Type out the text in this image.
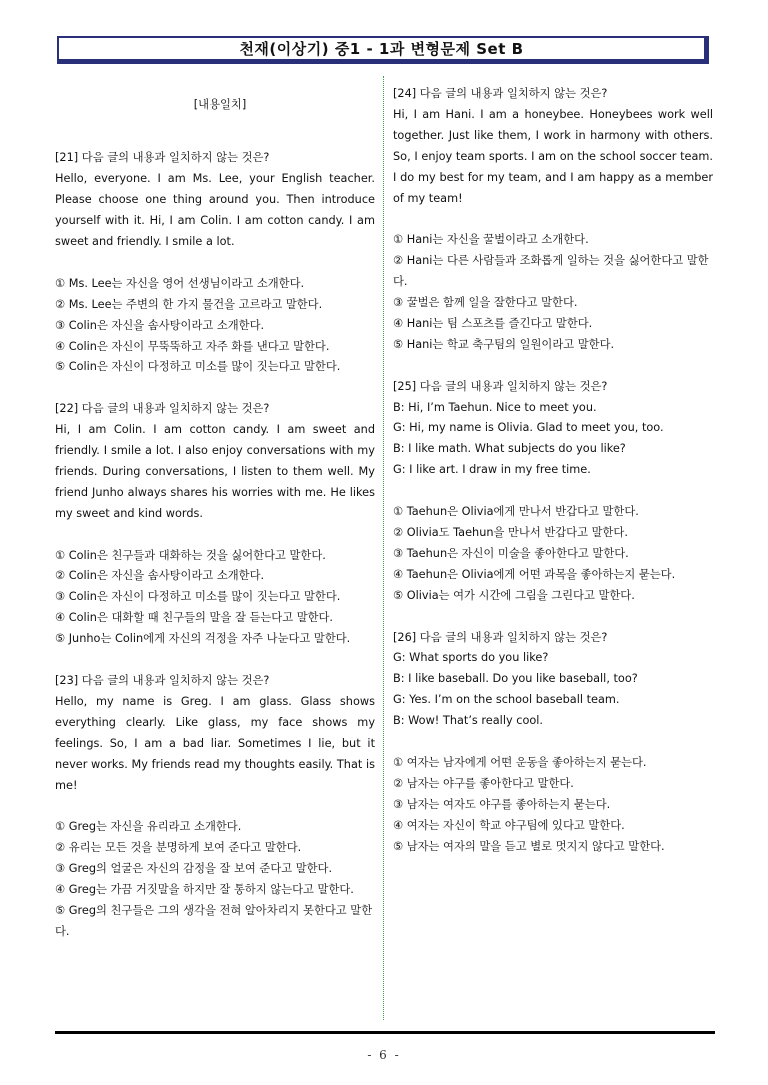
천재(이상기) 중1 - 1과 변형문제 Set B

[내용일치]

[21] 다음 글의 내용과 일치하지 않는 것은?

Hello, everyone. I am Ms. Lee, your English teacher. Please choose one thing around you. Then introduce yourself with it. Hi, I am Colin. I am cotton candy. I am sweet and friendly. I smile a lot.

① Ms. Lee는 자신을 영어 선생님이라고 소개한다.

② Ms. Lee는 주변의 한 가지 물건을 고르라고 말한다.

③ Colin은 자신을 솜사탕이라고 소개한다.

④ Colin은 자신이 무뚝뚝하고 자주 화를 낸다고 말한다.

⑤ Colin은 자신이 다정하고 미소를 많이 짓는다고 말한다.

[22] 다음 글의 내용과 일치하지 않는 것은?

Hi, I am Colin. I am cotton candy. I am sweet and friendly. I smile a lot. I also enjoy conversations with my friends. During conversations, I listen to them well. My friend Junho always shares his worries with me. He likes my sweet and kind words.

① Colin은 친구들과 대화하는 것을 싫어한다고 말한다.

② Colin은 자신을 솜사탕이라고 소개한다.

③ Colin은 자신이 다정하고 미소를 많이 짓는다고 말한다.

④ Colin은 대화할 때 친구들의 말을 잘 듣는다고 말한다.

⑤ Junho는 Colin에게 자신의 걱정을 자주 나눈다고 말한다.

[23] 다음 글의 내용과 일치하지 않는 것은?

Hello, my name is Greg. I am glass. Glass shows everything clearly. Like glass, my face shows my feelings. So, I am a bad liar. Sometimes I lie, but it never works. My friends read my thoughts easily. That is me!

① Greg는 자신을 유리라고 소개한다.

② 유리는 모든 것을 분명하게 보여 준다고 말한다.

③ Greg의 얼굴은 자신의 감정을 잘 보여 준다고 말한다.

④ Greg는 가끔 거짓말을 하지만 잘 통하지 않는다고 말한다.

⑤ Greg의 친구들은 그의 생각을 전혀 알아차리지 못한다고 말한다.

[24] 다음 글의 내용과 일치하지 않는 것은?

Hi, I am Hani. I am a honeybee. Honeybees work well together. Just like them, I work in harmony with others. So, I enjoy team sports. I am on the school soccer team. I do my best for my team, and I am happy as a member of my team!

① Hani는 자신을 꿀벌이라고 소개한다.

② Hani는 다른 사람들과 조화롭게 일하는 것을 싫어한다고 말한다.

③ 꿀벌은 함께 일을 잘한다고 말한다.

④ Hani는 팀 스포츠를 즐긴다고 말한다.

⑤ Hani는 학교 축구팀의 일원이라고 말한다.

[25] 다음 글의 내용과 일치하지 않는 것은?

B: Hi, I’m Taehun. Nice to meet you.

G: Hi, my name is Olivia. Glad to meet you, too.

B: I like math. What subjects do you like?

G: I like art. I draw in my free time.

① Taehun은 Olivia에게 만나서 반갑다고 말한다.

② Olivia도 Taehun을 만나서 반갑다고 말한다.

③ Taehun은 자신이 미술을 좋아한다고 말한다.

④ Taehun은 Olivia에게 어떤 과목을 좋아하는지 묻는다.

⑤ Olivia는 여가 시간에 그림을 그린다고 말한다.

[26] 다음 글의 내용과 일치하지 않는 것은?

G: What sports do you like?

B: I like baseball. Do you like baseball, too?

G: Yes. I’m on the school baseball team.

B: Wow! That’s really cool.

① 여자는 남자에게 어떤 운동을 좋아하는지 묻는다.

② 남자는 야구를 좋아한다고 말한다.

③ 남자는 여자도 야구를 좋아하는지 묻는다.

④ 여자는 자신이 학교 야구팀에 있다고 말한다.

⑤ 남자는 여자의 말을 듣고 별로 멋지지 않다고 말한다.

- 6 -
